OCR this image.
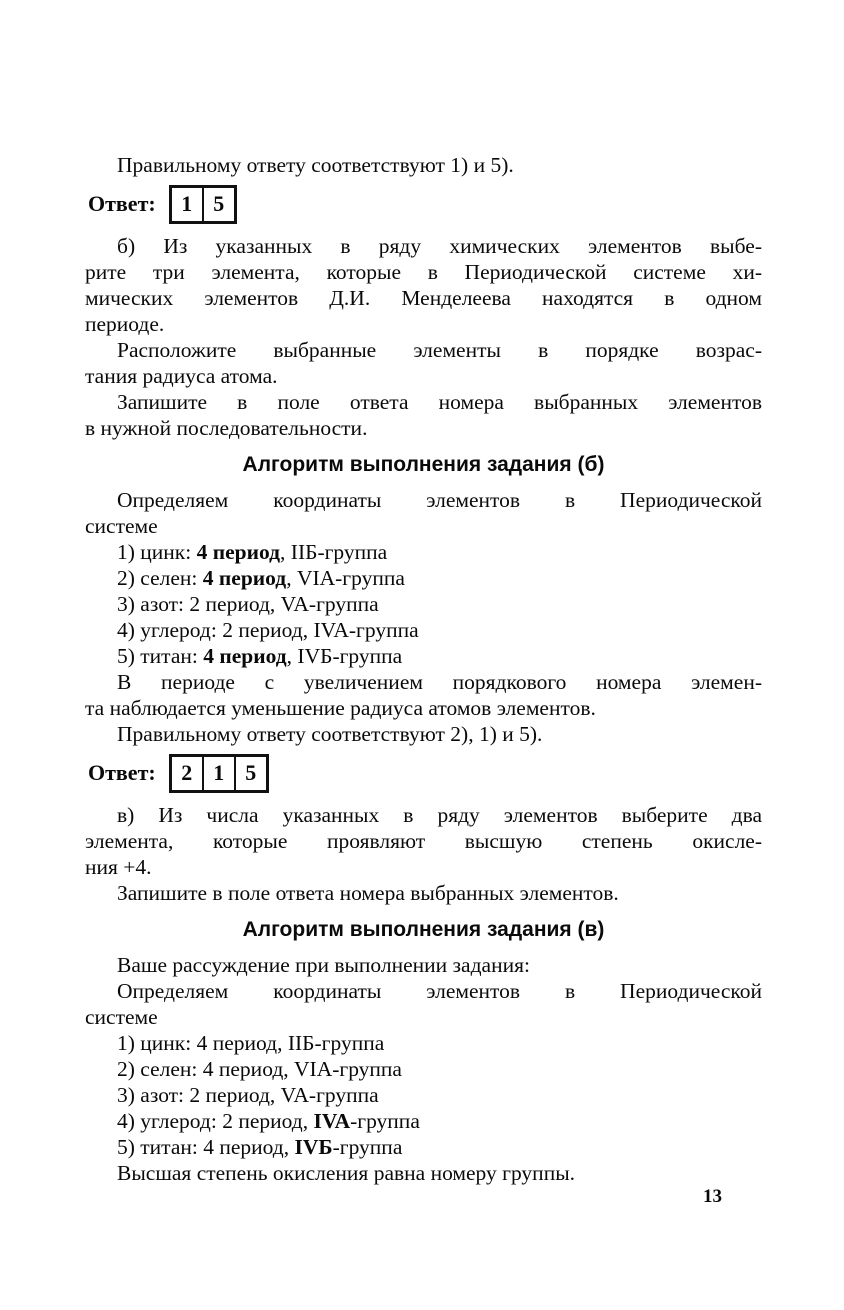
Правильному ответу соответствуют 1) и 5).
Ответ:	1 5
б) Из указанных в ряду химических элементов выбе-
рите три элемента, которые в Периодической системе хи-
мических элементов Д.И. Менделеева находятся в одном
периоде.
Расположите выбранные элементы в порядке возрас-
тания радиуса атома.
Запишите в поле ответа номера выбранных элементов
в нужной последовательности.
Алгоритм выполнения задания (б)
Определяем координаты элементов в Периодической
системе
1) цинк: 4 период, IIБ-группа
2) селен: 4 период, VIA-группа
3) азот: 2 период, VA-группа
4) углерод: 2 период, IVA-группа
5) титан: 4 период, IVБ-группа
В периоде с увеличением порядкового номера элемен-
та наблюдается уменьшение радиуса атомов элементов.
Правильному ответу соответствуют 2), 1) и 5).
Ответ:	2 1 5
в) Из числа указанных в ряду элементов выберите два
элемента, которые проявляют высшую степень окисле-
ния +4.
Запишите в поле ответа номера выбранных элементов.
Алгоритм выполнения задания (в)
Ваше рассуждение при выполнении задания:
Определяем координаты элементов в Периодической
системе
1) цинк: 4 период, IIБ-группа
2) селен: 4 период, VIA-группа
3) азот: 2 период, VA-группа
4) углерод: 2 период, IVA-группа
5) титан: 4 период, IVБ-группа
Высшая степень окисления равна номеру группы.
13
